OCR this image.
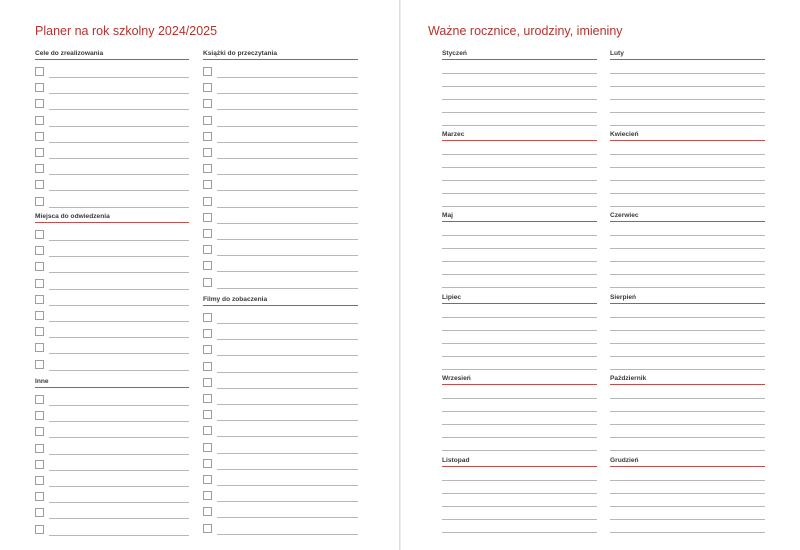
Planer na rok szkolny 2024/2025
Cele do zrealizowania
Miejsca do odwiedzenia
Inne
Książki do przeczytania
Filmy do zobaczenia
Ważne rocznice, urodziny, imieniny
Styczeń	Luty
Marzec	Kwiecień
Maj	Czerwiec
Lipiec	Sierpień
Wrzesień	Październik
Listopad	Grudzień
